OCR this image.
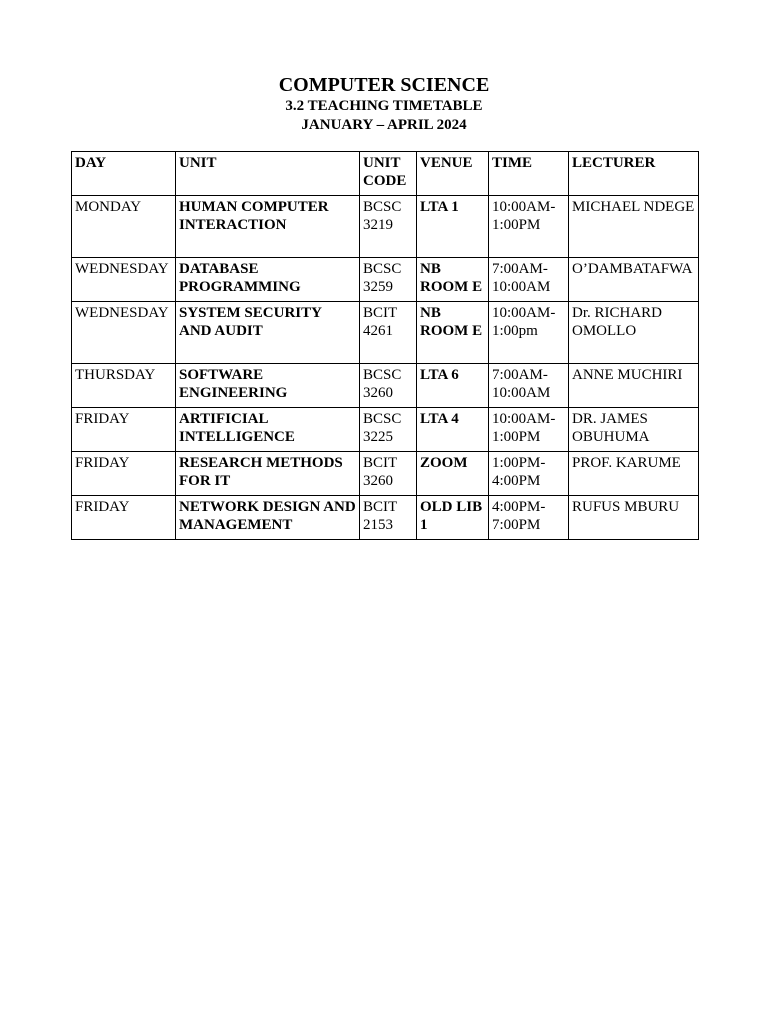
COMPUTER SCIENCE
3.2 TEACHING TIMETABLE
JANUARY – APRIL 2024
DAY	UNIT	UNIT CODE	VENUE	TIME	LECTURER
MONDAY	HUMAN COMPUTER INTERACTION	BCSC 3219	LTA 1	10:00AM-1:00PM	MICHAEL NDEGE
WEDNESDAY	DATABASE PROGRAMMING	BCSC 3259	NB ROOM E	7:00AM-10:00AM	O’DAMBATAFWA
WEDNESDAY	SYSTEM SECURITY AND AUDIT	BCIT 4261	NB ROOM E	10:00AM-1:00pm	Dr. RICHARD OMOLLO
THURSDAY	SOFTWARE ENGINEERING	BCSC 3260	LTA 6	7:00AM-10:00AM	ANNE MUCHIRI
FRIDAY	ARTIFICIAL INTELLIGENCE	BCSC 3225	LTA 4	10:00AM-1:00PM	DR. JAMES OBUHUMA
FRIDAY	RESEARCH METHODS FOR IT	BCIT 3260	ZOOM	1:00PM-4:00PM	PROF. KARUME
FRIDAY	NETWORK DESIGN AND MANAGEMENT	BCIT 2153	OLD LIB 1	4:00PM-7:00PM	RUFUS MBURU
